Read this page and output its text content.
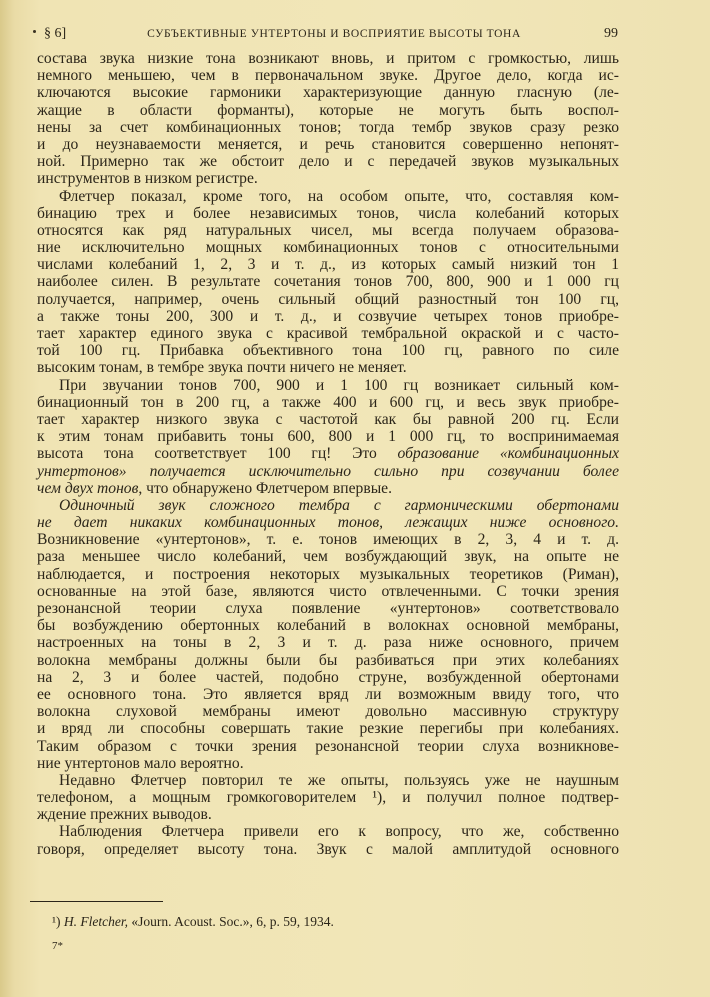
§ 6]	СУБЪЕКТИВНЫЕ УНТЕРТОНЫ И ВОСПРИЯТИЕ ВЫСОТЫ ТОНА	99
состава звука низкие тона возникают вновь, и притом с громкостью, лишь
немного меньшею, чем в первоначальном звуке. Другое дело, когда ис-
ключаются высокие гармоники характеризующие данную гласную (ле-
жащие в области форманты), которые не могуть быть воспол-
нены за счет комбинационных тонов; тогда тембр звуков сразу резко
и до неузнаваемости меняется, и речь становится совершенно непонят-
ной. Примерно так же обстоит дело и с передачей звуков музыкальных
инструментов в низком регистре.
Флетчер показал, кроме того, на особом опыте, что, составляя ком-
бинацию трех и более независимых тонов, числа колебаний которых
относятся как ряд натуральных чисел, мы всегда получаем образова-
ние исключительно мощных комбинационных тонов с относительными
числами колебаний 1, 2, 3 и т. д., из которых самый низкий тон 1
наиболее силен. В результате сочетания тонов 700, 800, 900 и 1 000 гц
получается, например, очень сильный общий разностный тон 100 гц,
а также тоны 200, 300 и т. д., и созвучие четырех тонов приобре-
тает характер единого звука с красивой тембральной окраской и с часто-
той 100 гц. Прибавка объективного тона 100 гц, равного по силе
высоким тонам, в тембре звука почти ничего не меняет.
При звучании тонов 700, 900 и 1 100 гц возникает сильный ком-
бинационный тон в 200 гц, а также 400 и 600 гц, и весь звук приобре-
тает характер низкого звука с частотой как бы равной 200 гц. Если
к этим тонам прибавить тоны 600, 800 и 1 000 гц, то воспринимаемая
высота тона соответствует 100 гц! Это образование «комбинационных
унтертонов» получается исключительно сильно при созвучании более
чем двух тонов, что обнаружено Флетчером впервые.
Одиночный звук сложного тембра с гармоническими обертонами
не дает никаких комбинационных тонов, лежащих ниже основного.
Возникновение «унтертонов», т. е. тонов имеющих в 2, 3, 4 и т. д.
раза меньшее число колебаний, чем возбуждающий звук, на опыте не
наблюдается, и построения некоторых музыкальных теоретиков (Риман),
основанные на этой базе, являются чисто отвлеченными. С точки зрения
резонансной теории слуха появление «унтертонов» соответствовало
бы возбуждению обертонных колебаний в волокнах основной мембраны,
настроенных на тоны в 2, 3 и т. д. раза ниже основного, причем
волокна мембраны должны были бы разбиваться при этих колебаниях
на 2, 3 и более частей, подобно струне, возбужденной обертонами
ее основного тона. Это является вряд ли возможным ввиду того, что
волокна слуховой мембраны имеют довольно массивную структуру
и вряд ли способны совершать такие резкие перегибы при колебаниях.
Таким образом с точки зрения резонансной теории слуха возникнове-
ние унтертонов мало вероятно.
Недавно Флетчер повторил те же опыты, пользуясь уже не наушным
телефоном, а мощным громкоговорителем ¹), и получил полное подтвер-
ждение прежних выводов.
Наблюдения Флетчера привели его к вопросу, что же, собственно
говоря, определяет высоту тона. Звук с малой амплитудой основного
¹) H. Fletcher, «Journ. Acoust. Soc.», 6, p. 59, 1934.
7*
